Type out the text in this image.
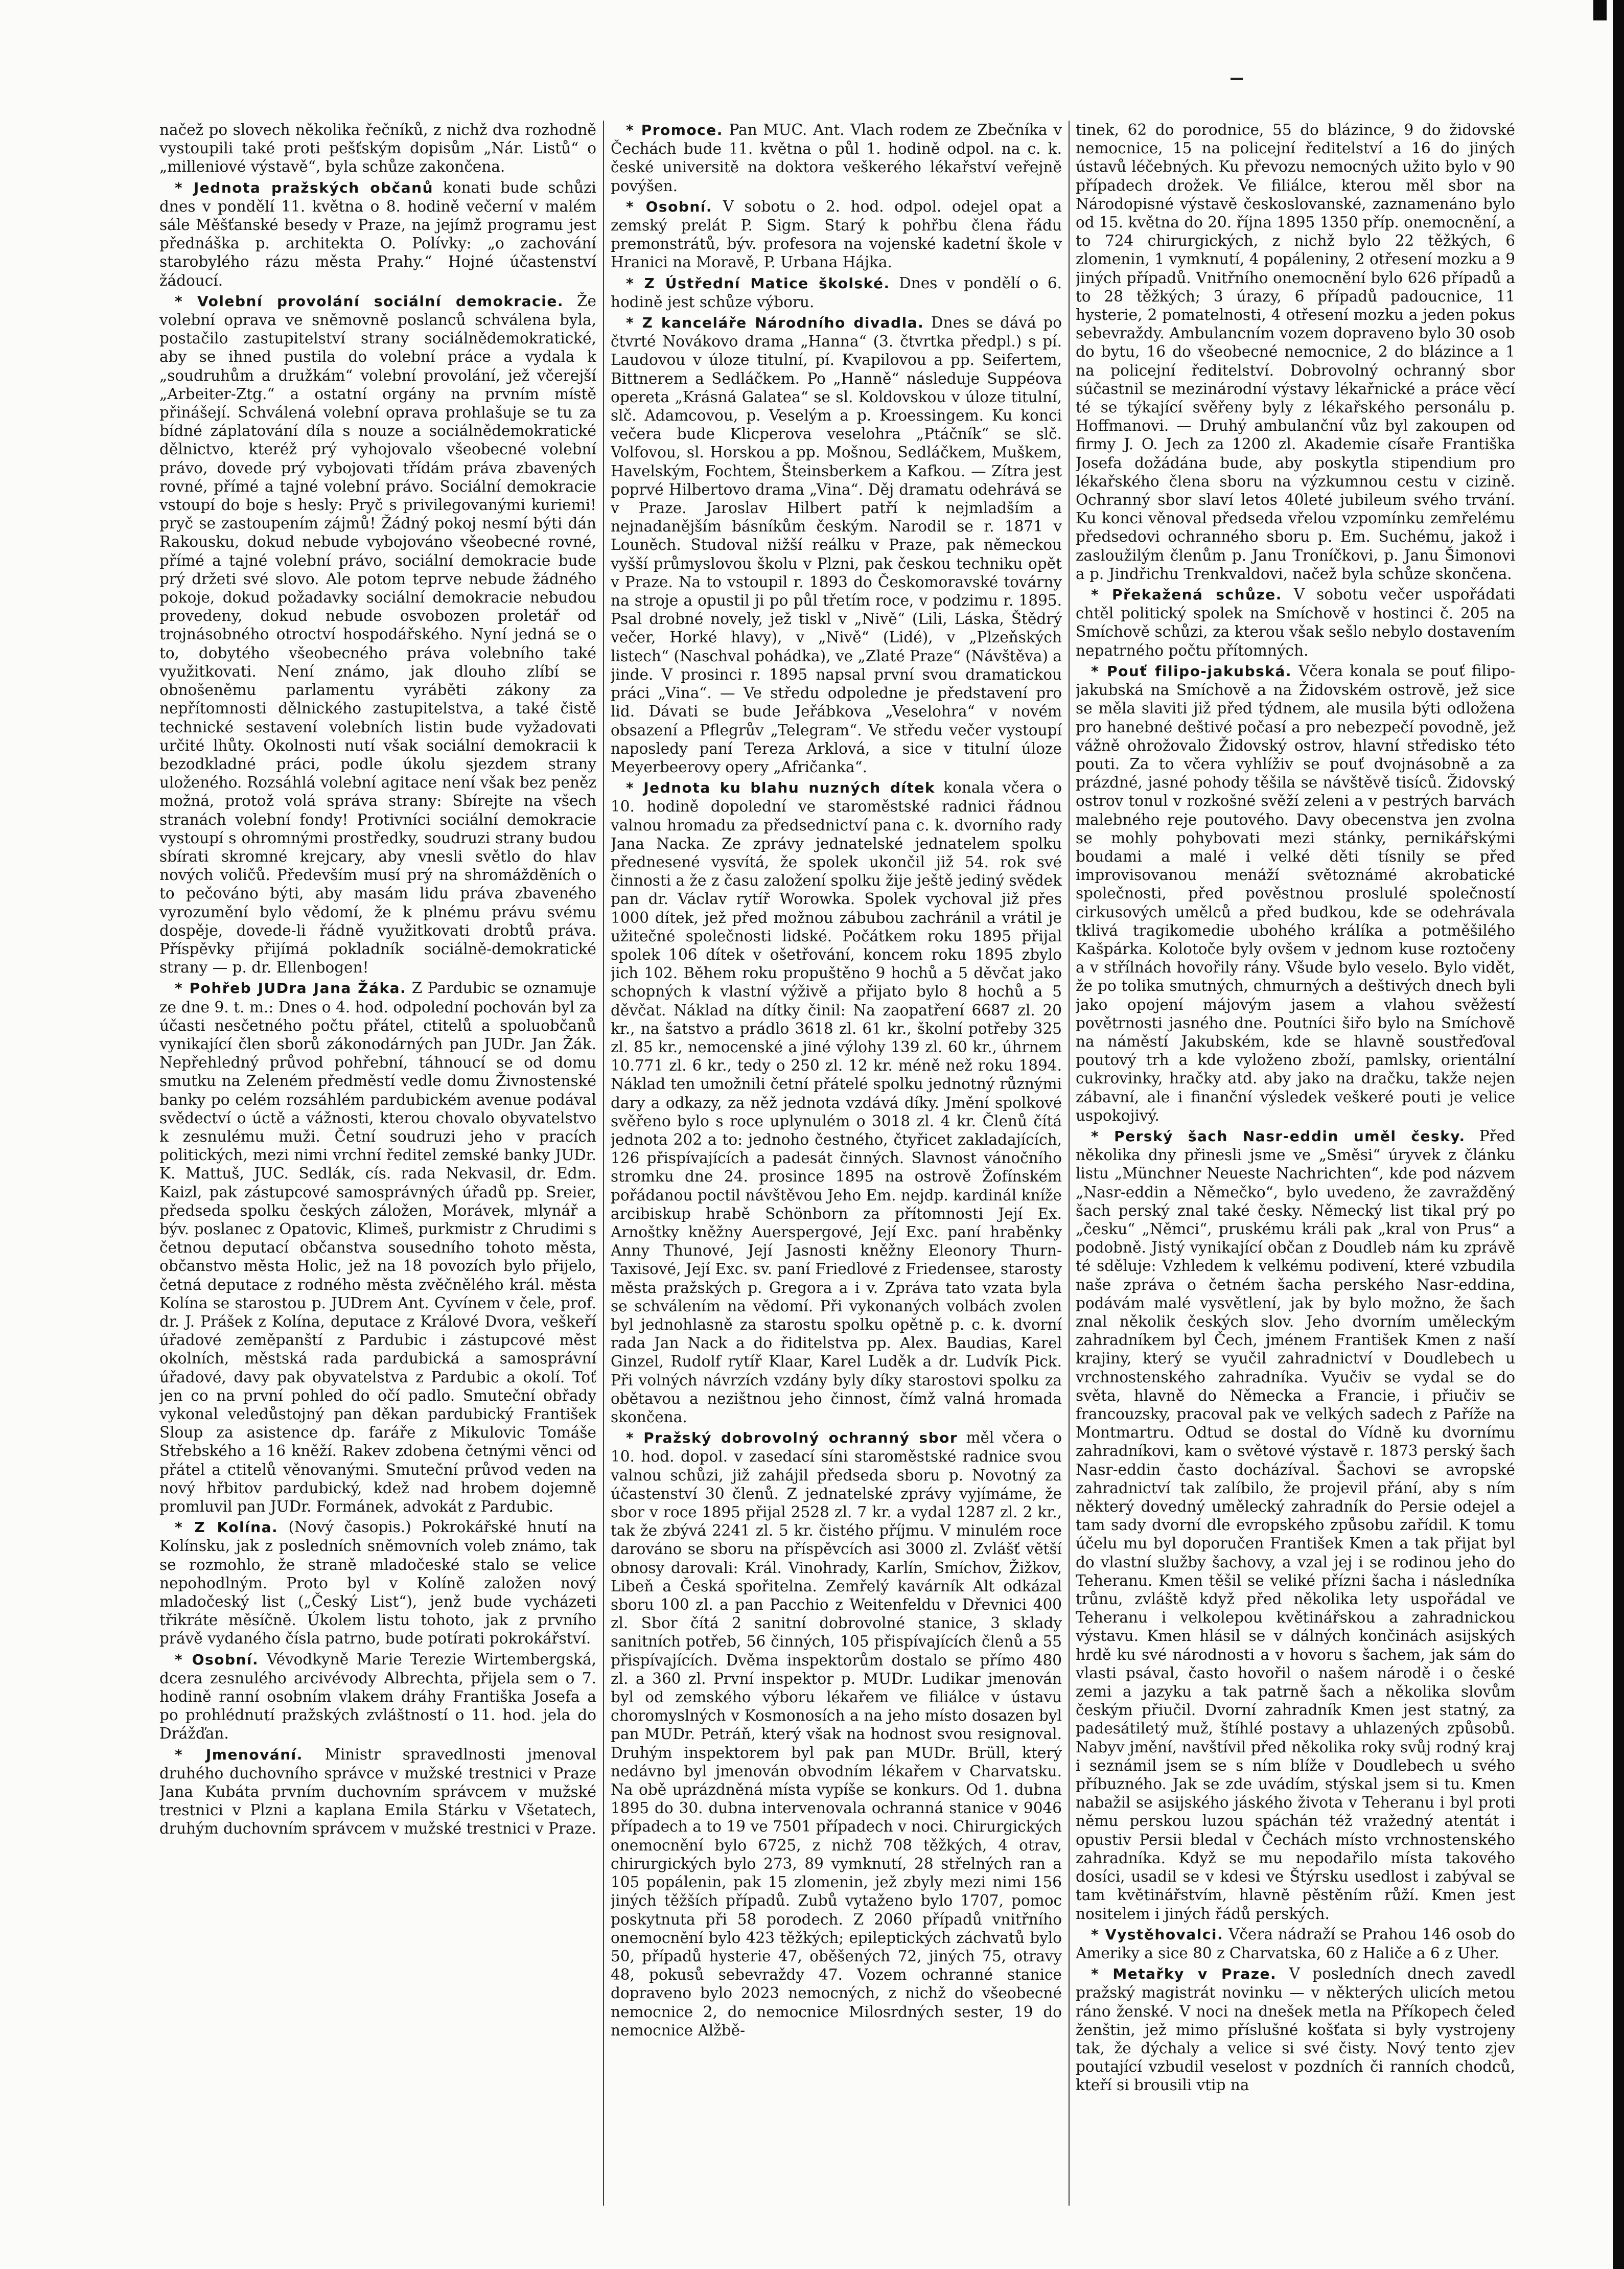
načež po slovech několika řečníků, z nichž dva rozhodně vystoupili také proti pešťským dopisům „Nár. Listů“ o „milleniové výstavě“, byla schůze zakončena.

* Jednota pražských občanů konati bude schůzi dnes v pondělí 11. května o 8. hodině večerní v malém sále Měšťanské besedy v Praze, na jejímž programu jest přednáška p. architekta O. Polívky: „o zachování starobylého rázu města Prahy.“ Hojné účastenství žádoucí.

* Volební provolání sociální demokracie. Že volební oprava ve sněmovně poslanců schválena byla, postačilo zastupitelství strany sociálnědemokratické, aby se ihned pustila do volební práce a vydala k „soudruhům a družkám“ volební provolání, jež včerejší „Arbeiter-Ztg.“ a ostatní orgány na prvním místě přinášejí. Schválená volební oprava prohlašuje se tu za bídné záplatování díla s nouze a sociálnědemokratické dělnictvo, kteréž prý vyhojovalo všeobecné volební právo, dovede prý vybojovati třídám práva zbavených rovné, přímé a tajné volební právo. Sociální demokracie vstoupí do boje s hesly: Pryč s privilegovanými kuriemi! pryč se zastoupením zájmů! Žádný pokoj nesmí býti dán Rakousku, dokud nebude vybojováno všeobecné rovné, přímé a tajné volební právo, sociální demokracie bude prý držeti své slovo. Ale potom teprve nebude žádného pokoje, dokud požadavky sociální demokracie nebudou provedeny, dokud nebude osvobozen proletář od trojnásobného otroctví hospodářského. Nyní jedná se o to, dobytého všeobecného práva volebního také využitkovati. Není známo, jak dlouho zlíbí se obnošeněmu parlamentu vyráběti zákony za nepřítomnosti dělnického zastupitelstva, a také čistě technické sestavení volebních listin bude vyžadovati určité lhůty. Okolnosti nutí však sociální demokracii k bezodkladné práci, podle úkolu sjezdem strany uloženého. Rozsáhlá volební agitace není však bez peněz možná, protož volá správa strany: Sbírejte na všech stranách volební fondy! Protivníci sociální demokracie vystoupí s ohromnými prostředky, soudruzi strany budou sbírati skromné krejcary, aby vnesli světlo do hlav nových voličů. Především musí prý na shromážděních o to pečováno býti, aby masám lidu práva zbaveného vyrozumění bylo vědomí, že k plnému právu svému dospěje, dovede-li řádně využitkovati drobtů práva. Příspěvky přijímá pokladník sociálně-demokratické strany — p. dr. Ellenbogen!

* Pohřeb JUDra Jana Žáka. Z Pardubic se oznamuje ze dne 9. t. m.: Dnes o 4. hod. odpolední pochován byl za účasti nesčetného počtu přátel, ctitelů a spoluobčanů vynikající člen sborů zákonodárných pan JUDr. Jan Žák. Nepřehledný průvod pohřební, táhnoucí se od domu smutku na Zeleném předměstí vedle domu Živnostenské banky po celém rozsáhlém pardubickém avenue podával svědectví o úctě a vážnosti, kterou chovalo obyvatelstvo k zesnulému muži. Četní soudruzi jeho v pracích politických, mezi nimi vrchní ředitel zemské banky JUDr. K. Mattuš, JUC. Sedlák, cís. rada Nekvasil, dr. Edm. Kaizl, pak zástupcové samosprávných úřadů pp. Sreier, předseda spolku českých záložen, Morávek, mlynář a býv. poslanec z Opatovic, Klimeš, purkmistr z Chrudimi s četnou deputací občanstva sousedního tohoto města, občanstvo města Holic, jež na 18 povozích bylo přijelo, četná deputace z rodného města zvěčnělého král. města Kolína se starostou p. JUDrem Ant. Cyvínem v čele, prof. dr. J. Prášek z Kolína, deputace z Králové Dvora, veškeří úřadové zeměpanští z Pardubic i zástupcové měst okolních, městská rada pardubická a samosprávní úřadové, davy pak obyvatelstva z Pardubic a okolí. Toť jen co na první pohled do očí padlo. Smuteční obřady vykonal veledůstojný pan děkan pardubický František Sloup za asistence dp. faráře z Mikulovic Tomáše Střebského a 16 kněží. Rakev zdobena četnými věnci od přátel a ctitelů věnovanými. Smuteční průvod veden na nový hřbitov pardubický, kdež nad hrobem dojemně promluvil pan JUDr. Formánek, advokát z Pardubic.

* Z Kolína. (Nový časopis.) Pokrokářské hnutí na Kolínsku, jak z posledních sněmovních voleb známo, tak se rozmohlo, že straně mladočeské stalo se velice nepohodlným. Proto byl v Kolíně založen nový mladočeský list („Český List“), jenž bude vycházeti třikráte měsíčně. Úkolem listu tohoto, jak z prvního právě vydaného čísla patrno, bude potírati pokrokářství.

* Osobní. Vévodkyně Marie Terezie Wirtembergská, dcera zesnulého arcivévody Albrechta, přijela sem o 7. hodině ranní osobním vlakem dráhy Františka Josefa a po prohlédnutí pražských zvláštností o 11. hod. jela do Drážďan.

* Jmenování. Ministr spravedlnosti jmenoval druhého duchovního správce v mužské trestnici v Praze Jana Kubáta prvním duchovním správcem v mužské trestnici v Plzni a kaplana Emila Stárku v Všetatech, druhým duchovním správcem v mužské trestnici v Praze.

* Promoce. Pan MUC. Ant. Vlach rodem ze Zbečníka v Čechách bude 11. května o půl 1. hodině odpol. na c. k. české universitě na doktora veškerého lékařství veřejně povýšen.

* Osobní. V sobotu o 2. hod. odpol. odejel opat a zemský prelát P. Sigm. Starý k pohřbu člena řádu premonstrátů, býv. profesora na vojenské kadetní škole v Hranici na Moravě, P. Urbana Hájka.

* Z Ústřední Matice školské. Dnes v pondělí o 6. hodině jest schůze výboru.

* Z kanceláře Národního divadla. Dnes se dává po čtvrté Novákovo drama „Hanna“ (3. čtvrtka předpl.) s pí. Laudovou v úloze titulní, pí. Kvapilovou a pp. Seifertem, Bittnerem a Sedláčkem. Po „Hanně“ následuje Suppéova opereta „Krásná Galatea“ se sl. Koldovskou v úloze titulní, slč. Adamcovou, p. Veselým a p. Kroessingem. Ku konci večera bude Klicperova veselohra „Ptáčník“ se slč. Volfovou, sl. Horskou a pp. Mošnou, Sedláčkem, Muškem, Havelským, Fochtem, Šteinsberkem a Kafkou. — Zítra jest poprvé Hilbertovo drama „Vina“. Děj dramatu odehrává se v Praze. Jaroslav Hilbert patří k nejmladším a nejnadanějším básníkům českým. Narodil se r. 1871 v Louněch. Studoval nižší reálku v Praze, pak německou vyšší průmyslovou školu v Plzni, pak českou techniku opět v Praze. Na to vstoupil r. 1893 do Českomoravské továrny na stroje a opustil ji po půl třetím roce, v podzimu r. 1895. Psal drobné novely, jež tiskl v „Nivě“ (Lili, Láska, Štědrý večer, Horké hlavy), v „Nivě“ (Lidé), v „Plzeňských listech“ (Naschval pohádka), ve „Zlaté Praze“ (Návštěva) a jinde. V prosinci r. 1895 napsal první svou dramatickou práci „Vina“. — Ve středu odpoledne je představení pro lid. Dávati se bude Jeřábkova „Veselohra“ v novém obsazení a Pflegrův „Telegram“. Ve středu večer vystoupí naposledy paní Tereza Arklová, a sice v titulní úloze Meyerbeerovy opery „Afričanka“.

* Jednota ku blahu nuzných dítek konala včera o 10. hodině dopolední ve staroměstské radnici řádnou valnou hromadu za předsednictví pana c. k. dvorního rady Jana Nacka. Ze zprávy jednatelské jednatelem spolku přednesené vysvítá, že spolek ukončil již 54. rok své činnosti a že z času založení spolku žije ještě jediný svědek pan dr. Václav rytíř Worowka. Spolek vychoval již přes 1000 dítek, jež před možnou zábubou zachránil a vrátil je užitečné společnosti lidské. Počátkem roku 1895 přijal spolek 106 dítek v ošetřování, koncem roku 1895 zbylo jich 102. Během roku propuštěno 9 hochů a 5 děvčat jako schopných k vlastní výživě a přijato bylo 8 hochů a 5 děvčat. Náklad na dítky činil: Na zaopatření 6687 zl. 20 kr., na šatstvo a prádlo 3618 zl. 61 kr., školní potřeby 325 zl. 85 kr., nemocenské a jiné výlohy 139 zl. 60 kr., úhrnem 10.771 zl. 6 kr., tedy o 250 zl. 12 kr. méně než roku 1894. Náklad ten umožnili četní přátelé spolku jednotný různými dary a odkazy, za něž jednota vzdává díky. Jmění spolkové svěřeno bylo s roce uplynulém o 3018 zl. 4 kr. Členů čítá jednota 202 a to: jednoho čestného, čtyřicet zakladajících, 126 přispívajících a padesát činných. Slavnost vánočního stromku dne 24. prosince 1895 na ostrově Žofínském pořádanou poctil návštěvou Jeho Em. nejdp. kardinál kníže arcibiskup hrabě Schönborn za přítomnosti Její Ex. Arnoštky kněžny Auerspergové, Její Exc. paní hraběnky Anny Thunové, Její Jasnosti kněžny Eleonory Thurn-Taxisové, Její Exc. sv. paní Friedlové z Friedensee, starosty města pražských p. Gregora a i v. Zpráva tato vzata byla se schválením na vědomí. Při vykonaných volbách zvolen byl jednohlasně za starostu spolku opětně p. c. k. dvorní rada Jan Nack a do řiditelstva pp. Alex. Baudias, Karel Ginzel, Rudolf rytíř Klaar, Karel Luděk a dr. Ludvík Pick. Při volných návrzích vzdány byly díky starostovi spolku za obětavou a nezištnou jeho činnost, čímž valná hromada skončena.

* Pražský dobrovolný ochranný sbor měl včera o 10. hod. dopol. v zasedací síni staroměstské radnice svou valnou schůzi, již zahájil předseda sboru p. Novotný za účastenství 30 členů. Z jednatelské zprávy vyjímáme, že sbor v roce 1895 přijal 2528 zl. 7 kr. a vydal 1287 zl. 2 kr., tak že zbývá 2241 zl. 5 kr. čistého příjmu. V minulém roce darováno se sboru na příspěvcích asi 3000 zl. Zvlášť větší obnosy darovali: Král. Vinohrady, Karlín, Smíchov, Žižkov, Libeň a Česká spořitelna. Zemřelý kavárník Alt odkázal sboru 100 zl. a pan Pacchio z Weitenfeldu v Dřevnici 400 zl. Sbor čítá 2 sanitní dobrovolné stanice, 3 sklady sanitních potřeb, 56 činných, 105 přispívajících členů a 55 přispívajících. Dvěma inspektorům dostalo se přímo 480 zl. a 360 zl. První inspektor p. MUDr. Ludikar jmenován byl od zemského výboru lékařem ve filiálce v ústavu choromyslných v Kosmonosích a na jeho místo dosazen byl pan MUDr. Petráň, který však na hodnost svou resignoval. Druhým inspektorem byl pak pan MUDr. Brüll, který nedávno byl jmenován obvodním lékařem v Charvatsku. Na obě uprázdněná místa vypíše se konkurs. Od 1. dubna 1895 do 30. dubna intervenovala ochranná stanice v 9046 případech a to 19 ve 7501 případech v noci. Chirurgických onemocnění bylo 6725, z nichž 708 těžkých, 4 otrav, chirurgických bylo 273, 89 vymknutí, 28 střelných ran a 105 popálenin, pak 15 zlomenin, jež zbyly mezi nimi 156 jiných těžších případů. Zubů vytaženo bylo 1707, pomoc poskytnuta při 58 porodech. Z 2060 případů vnitřního onemocnění bylo 423 těžkých; epileptických záchvatů bylo 50, případů hysterie 47, oběšených 72, jiných 75, otravy 48, pokusů sebevraždy 47. Vozem ochranné stanice dopraveno bylo 2023 nemocných, z nichž do všeobecné nemocnice 2, do nemocnice Milosrdných sester, 19 do nemocnice Alžbě-

tinek, 62 do porodnice, 55 do blázince, 9 do židovské nemocnice, 15 na policejní ředitelství a 16 do jiných ústavů léčebných. Ku převozu nemocných užito bylo v 90 případech drožek. Ve filiálce, kterou měl sbor na Národopisné výstavě českoslovanské, zaznamenáno bylo od 15. května do 20. října 1895 1350 příp. onemocnění, a to 724 chirurgických, z nichž bylo 22 těžkých, 6 zlomenin, 1 vymknutí, 4 popáleniny, 2 otřesení mozku a 9 jiných případů. Vnitřního onemocnění bylo 626 případů a to 28 těžkých; 3 úrazy, 6 případů padoucnice, 11 hysterie, 2 pomatelnosti, 4 otřesení mozku a jeden pokus sebevraždy. Ambulancním vozem dopraveno bylo 30 osob do bytu, 16 do všeobecné nemocnice, 2 do blázince a 1 na policejní ředitelství. Dobrovolný ochranný sbor súčastnil se mezinárodní výstavy lékařnické a práce věcí té se týkající svěřeny byly z lékařského personálu p. Hoffmanovi. — Druhý ambulanční vůz byl zakoupen od firmy J. O. Jech za 1200 zl. Akademie císaře Františka Josefa dožádána bude, aby poskytla stipendium pro lékařského člena sboru na výzkumnou cestu v cizině. Ochranný sbor slaví letos 40leté jubileum svého trvání. Ku konci věnoval předseda vřelou vzpomínku zemřelému předsedovi ochranného sboru p. Em. Suchému, jakož i zasloužilým členům p. Janu Troníčkovi, p. Janu Šimonovi a p. Jindřichu Trenkvaldovi, načež byla schůze skončena.

* Překažená schůze. V sobotu večer uspořádati chtěl politický spolek na Smíchově v hostinci č. 205 na Smíchově schůzi, za kterou však sešlo nebylo dostavením nepatrného počtu přítomných.

* Pouť filipo-jakubská. Včera konala se pouť filipo-jakubská na Smíchově a na Židovském ostrově, jež sice se měla slaviti již před týdnem, ale musila býti odložena pro hanebné deštivé počasí a pro nebezpečí povodně, jež vážně ohrožovalo Židovský ostrov, hlavní středisko této pouti. Za to včera vyhlíživ se pouť dvojnásobně a za prázdné, jasné pohody těšila se návštěvě tisíců. Židovský ostrov tonul v rozkošné svěží zeleni a v pestrých barvách malebného reje poutového. Davy obecenstva jen zvolna se mohly pohybovati mezi stánky, pernikářskými boudami a malé i velké děti tísnily se před improvisovanou menáží světoznámé akrobatické společnosti, před pověstnou proslulé společností cirkusových umělců a před budkou, kde se odehrávala tklivá tragikomedie ubohého králíka a potměšilého Kašpárka. Kolotoče byly ovšem v jednom kuse roztočeny a v střílnách hovořily rány. Všude bylo veselo. Bylo vidět, že po tolika smutných, chmurných a deštivých dnech byli jako opojení májovým jasem a vlahou svěžestí povětrnosti jasného dne. Poutníci šiřo bylo na Smíchově na náměstí Jakubském, kde se hlavně soustřeďoval poutový trh a kde vyloženo zboží, pamlsky, orientální cukrovinky, hračky atd. aby jako na dračku, takže nejen zábavní, ale i finanční výsledek veškeré pouti je velice uspokojivý.

* Perský šach Nasr-eddin uměl česky. Před několika dny přinesli jsme ve „Směsi“ úryvek z článku listu „Münchner Neueste Nachrichten“, kde pod názvem „Nasr-eddin a Němečko“, bylo uvedeno, že zavražděný šach perský znal také česky. Německý list tikal prý po „česku“ „Němci“, pruskému králi pak „kral von Prus“ a podobně. Jistý vynikající občan z Doudleb nám ku zprávě té sděluje: Vzhledem k velkému podivení, které vzbudila naše zpráva o četném šacha perského Nasr-eddina, podávám malé vysvětlení, jak by bylo možno, že šach znal několik českých slov. Jeho dvorním uměleckým zahradníkem byl Čech, jménem František Kmen z naší krajiny, který se vyučil zahradnictví v Doudlebech u vrchnostenského zahradníka. Vyučiv se vydal se do světa, hlavně do Německa a Francie, i přiučiv se francouzsky, pracoval pak ve velkých sadech z Paříže na Montmartru. Odtud se dostal do Vídně ku dvornímu zahradníkovi, kam o světové výstavě r. 1873 perský šach Nasr-eddin často docházíval. Šachovi se avropské zahradnictví tak zalíbilo, že projevil přání, aby s ním některý dovedný umělecký zahradník do Persie odejel a tam sady dvorní dle evropského způsobu zařídil. K tomu účelu mu byl doporučen František Kmen a tak přijat byl do vlastní služby šachovy, a vzal jej i se rodinou jeho do Teheranu. Kmen těšil se veliké přízni šacha i následníka trůnu, zvláště když před několika lety uspořádal ve Teheranu i velkolepou květinářskou a zahradnickou výstavu. Kmen hlásil se v dálných končinách asijských hrdě ku své národnosti a v hovoru s šachem, jak sám do vlasti psával, často hovořil o našem národě i o české zemi a jazyku a tak patrně šach a několika slovům českým přiučil. Dvorní zahradník Kmen jest statný, za padesátiletý muž, štíhlé postavy a uhlazených způsobů. Nabyv jmění, navštívil před několika roky svůj rodný kraj i seznámil jsem se s ním blíže v Doudlebech u svého příbuzného. Jak se zde uvádím, stýskal jsem si tu. Kmen nabažil se asijského jáského života v Teheranu i byl proti němu perskou luzou spáchán též vražedný atentát i opustiv Persii bledal v Čechách místo vrchnostenského zahradníka. Když se mu nepodařilo místa takového dosíci, usadil se v kdesi ve Štýrsku usedlost i zabýval se tam květinářstvím, hlavně pěstěním růží. Kmen jest nositelem i jiných řádů perských.

* Vystěhovalci. Včera nádraží se Prahou 146 osob do Ameriky a sice 80 z Charvatska, 60 z Haliče a 6 z Uher.

* Metařky v Praze. V posledních dnech zavedl pražský magistrát novinku — v některých ulicích metou ráno ženské. V noci na dnešek metla na Příkopech čeleď ženštin, jež mimo příslušné košťata si byly vystrojeny tak, že dýchaly a velice si své čisty. Nový tento zjev poutající vzbudil veselost v pozdních či ranních chodců, kteří si brousili vtip na
